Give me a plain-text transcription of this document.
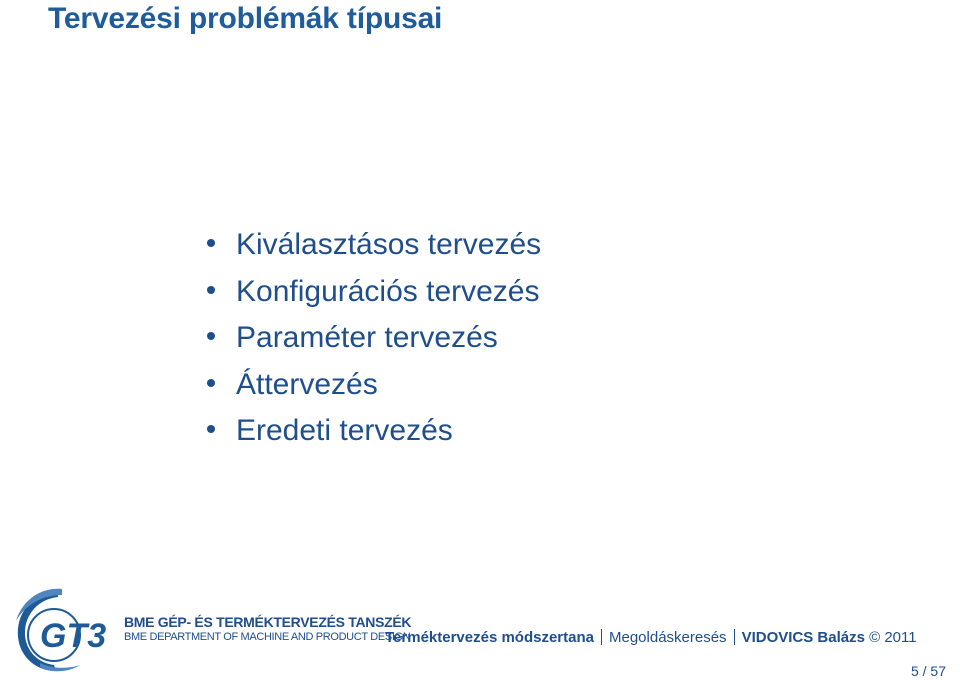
Tervezési problémák típusai
Kiválasztásos tervezés
Konfigurációs tervezés
Paraméter tervezés
Áttervezés
Eredeti tervezés
GT3 BME GÉP- ÉS TERMÉKTERVEZÉS TANSZÉK
BME DEPARTMENT OF MACHINE AND PRODUCT DESIGN
Terméktervezés módszertana Megoldáskeresés VIDOVICS Balázs © 2011
5 / 57
